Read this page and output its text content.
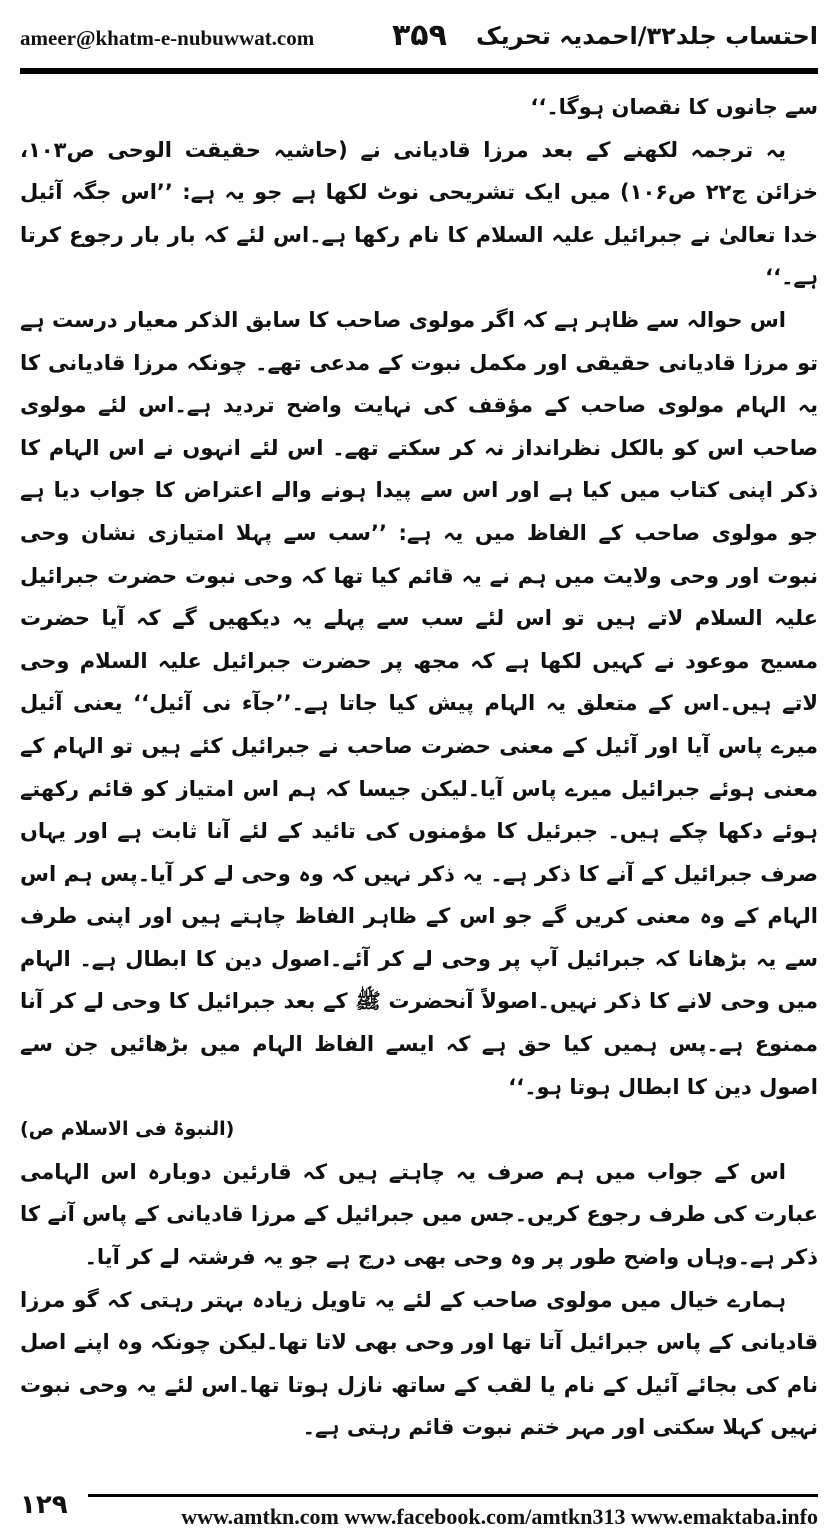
ameer@khatm-e-nubuwwat.com	۳۵۹ احتساب جلد۳۲/احمدیہ تحریک

سے جانوں کا نقصان ہوگا۔‘‘

یہ ترجمہ لکھنے کے بعد مرزا قادیانی نے (حاشیہ حقیقت الوحی ص۱۰۳، خزائن ج۲۲ ص۱۰۶) میں ایک تشریحی نوٹ لکھا ہے جو یہ ہے: ’’اس جگہ آئیل خدا تعالیٰ نے جبرائیل علیہ السلام کا نام رکھا ہے۔اس لئے کہ بار بار رجوع کرتا ہے۔‘‘

اس حوالہ سے ظاہر ہے کہ اگر مولوی صاحب کا سابق الذکر معیار درست ہے تو مرزا قادیانی حقیقی اور مکمل نبوت کے مدعی تھے۔ چونکہ مرزا قادیانی کا یہ الہام مولوی صاحب کے مؤقف کی نہایت واضح تردید ہے۔اس لئے مولوی صاحب اس کو بالکل نظرانداز نہ کر سکتے تھے۔ اس لئے انہوں نے اس الہام کا ذکر اپنی کتاب میں کیا ہے اور اس سے پیدا ہونے والے اعتراض کا جواب دیا ہے جو مولوی صاحب کے الفاظ میں یہ ہے: ’’سب سے پہلا امتیازی نشان وحی نبوت اور وحی ولایت میں ہم نے یہ قائم کیا تھا کہ وحی نبوت حضرت جبرائیل علیہ السلام لاتے ہیں تو اس لئے سب سے پہلے یہ دیکھیں گے کہ آیا حضرت مسیح موعود نے کہیں لکھا ہے کہ مجھ پر حضرت جبرائیل علیہ السلام وحی لاتے ہیں۔اس کے متعلق یہ الہام پیش کیا جاتا ہے۔’’جآء نی آئیل‘‘ یعنی آئیل میرے پاس آیا اور آئیل کے معنی حضرت صاحب نے جبرائیل کئے ہیں تو الہام کے معنی ہوئے جبرائیل میرے پاس آیا۔لیکن جیسا کہ ہم اس امتیاز کو قائم رکھتے ہوئے دکھا چکے ہیں۔ جبرئیل کا مؤمنوں کی تائید کے لئے آنا ثابت ہے اور یہاں صرف جبرائیل کے آنے کا ذکر ہے۔ یہ ذکر نہیں کہ وہ وحی لے کر آیا۔پس ہم اس الہام کے وہ معنی کریں گے جو اس کے ظاہر الفاظ چاہتے ہیں اور اپنی طرف سے یہ بڑھانا کہ جبرائیل آپ پر وحی لے کر آئے۔اصول دین کا ابطال ہے۔ الہام میں وحی لانے کا ذکر نہیں۔اصولاً آنحضرت ﷺ کے بعد جبرائیل کا وحی لے کر آنا ممنوع ہے۔پس ہمیں کیا حق ہے کہ ایسے الفاظ الہام میں بڑھائیں جن سے اصول دین کا ابطال ہوتا ہو۔‘‘

(النبوۃ فی الاسلام ص)

اس کے جواب میں ہم صرف یہ چاہتے ہیں کہ قارئین دوبارہ اس الہامی عبارت کی طرف رجوع کریں۔جس میں جبرائیل کے مرزا قادیانی کے پاس آنے کا ذکر ہے۔وہاں واضح طور پر وہ وحی بھی درج ہے جو یہ فرشتہ لے کر آیا۔

ہمارے خیال میں مولوی صاحب کے لئے یہ تاویل زیادہ بہتر رہتی کہ گو مرزا قادیانی کے پاس جبرائیل آتا تھا اور وحی بھی لاتا تھا۔لیکن چونکہ وہ اپنے اصل نام کی بجائے آئیل کے نام یا لقب کے ساتھ نازل ہوتا تھا۔اس لئے یہ وحی نبوت نہیں کہلا سکتی اور مہر ختم نبوت قائم رہتی ہے۔

۱۲۹	www.amtkn.com www.facebook.com/amtkn313 www.emaktaba.info
